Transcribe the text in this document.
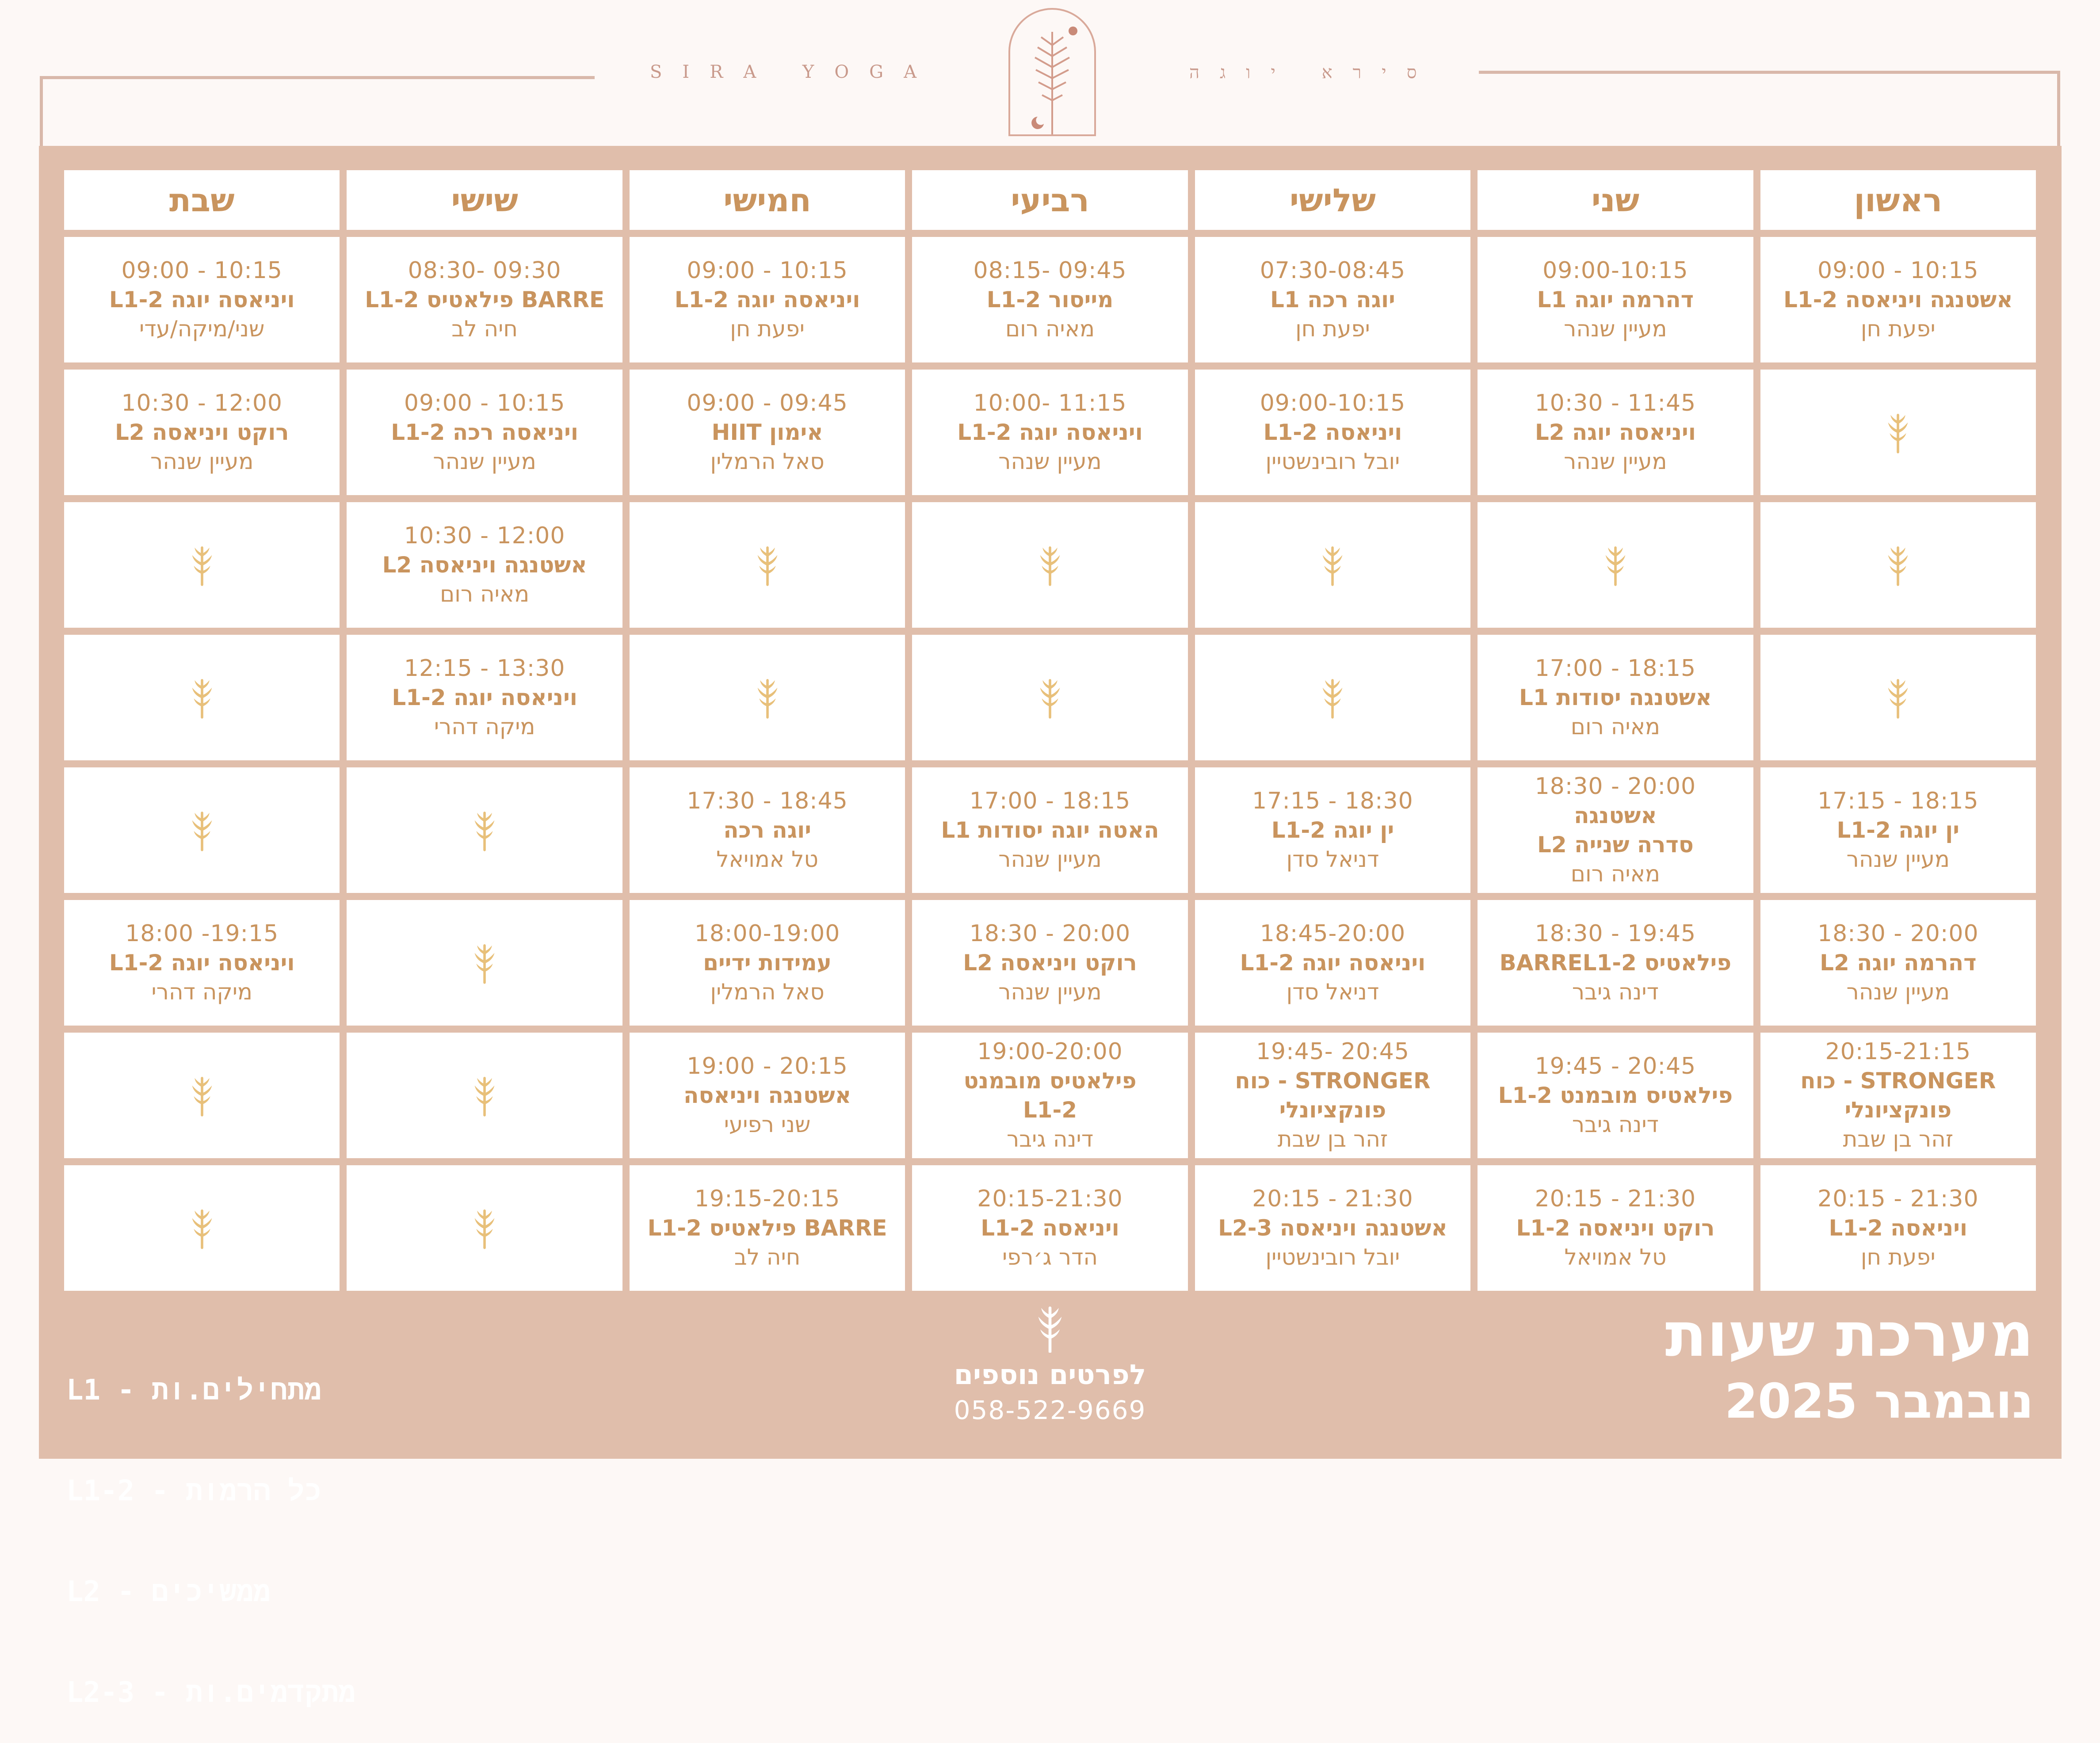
SIRA YOGA	סירא יוגה
ראשון
שני
שלישי
רביעי
חמישי
שישי
שבת
09:00 - 10:15
אשטנגה ויניאסה L1-2
יפעת חן
09:00-10:15
דהרמה יוגה L1
מעיין שנהר
07:30-08:45
יוגה רכה L1
יפעת חן
08:15- 09:45
מייסור L1-2
מאיה רום
09:00 - 10:15
ויניאסה יוגה L1-2
יפעת חן
08:30- 09:30
BARRE פילאטיס L1-2
חיה לב
09:00 - 10:15
ויניאסה יוגה L1-2
שני/מיקה/עדי
10:30 - 11:45
ויניאסה יוגה L2
מעיין שנהר
09:00-10:15
ויניאסה L1-2
יובל רובינשטיין
10:00- 11:15
ויניאסה יוגה L1-2
מעיין שנהר
09:00 - 09:45
אימון HIIT
סאל הרמלין
09:00 - 10:15
ויניאסה רכה L1-2
מעיין שנהר
10:30 - 12:00
רוקט ויניאסה L2
מעיין שנהר
10:30 - 12:00
אשטנגה ויניאסה L2
מאיה רום
17:00 - 18:15
אשטנגה יסודות L1
מאיה רום
12:15 - 13:30
ויניאסה יוגה L1-2
מיקה דהרי
17:15 - 18:15
ין יוגה L1-2
מעיין שנהר
18:30 - 20:00
אשטנגה
סדרה שנייה L2
מאיה רום
17:15 - 18:30
ין יוגה L1-2
דניאל סדן
17:00 - 18:15
האטה יוגה יסודות L1
מעיין שנהר
17:30 - 18:45
יוגה רכה
טל אמויאל
18:30 - 20:00
דהרמה יוגה L2
מעיין שנהר
18:30 - 19:45
פילאטיס BARREL1-2
דינה גיבר
18:45-20:00
ויניאסה יוגה L1-2
דניאל סדן
18:30 - 20:00
רוקט ויניאסה L2
מעיין שנהר
18:00-19:00
עמידות ידיים
סאל הרמלין
18:00 -19:15
ויניאסה יוגה L1-2
מיקה דהרי
20:15-21:15
STRONGER - כוח
פונקציונלי
זהר בן שבת
19:45 - 20:45
פילאטיס מובמנט L1-2
דינה גיבר
19:45- 20:45
STRONGER - כוח
פונקציונלי
זהר בן שבת
19:00-20:00
פילאטיס מובמנט
L1-2
דינה גיבר
19:00 - 20:15
אשטנגה ויניאסה
שני רפיעי
20:15 - 21:30
ויניאסה L1-2
יפעת חן
20:15 - 21:30
רוקט ויניאסה L1-2
טל אמויאל
20:15 - 21:30
אשטנגה ויניאסה L2-3
יובל רובינשטיין
20:15-21:30
ויניאסה L1-2
הדר ג׳רפי
19:15-20:15
BARRE פילאטיס L1-2
חיה לב

L1 - מתחילים.ות

L1-2 - כל הרמות

L2 - ממשיכים

L2-3 - מתקדמים.ות

לפרטים נוספים
058-522-9669
מערכת שעות
נובמבר 2025
